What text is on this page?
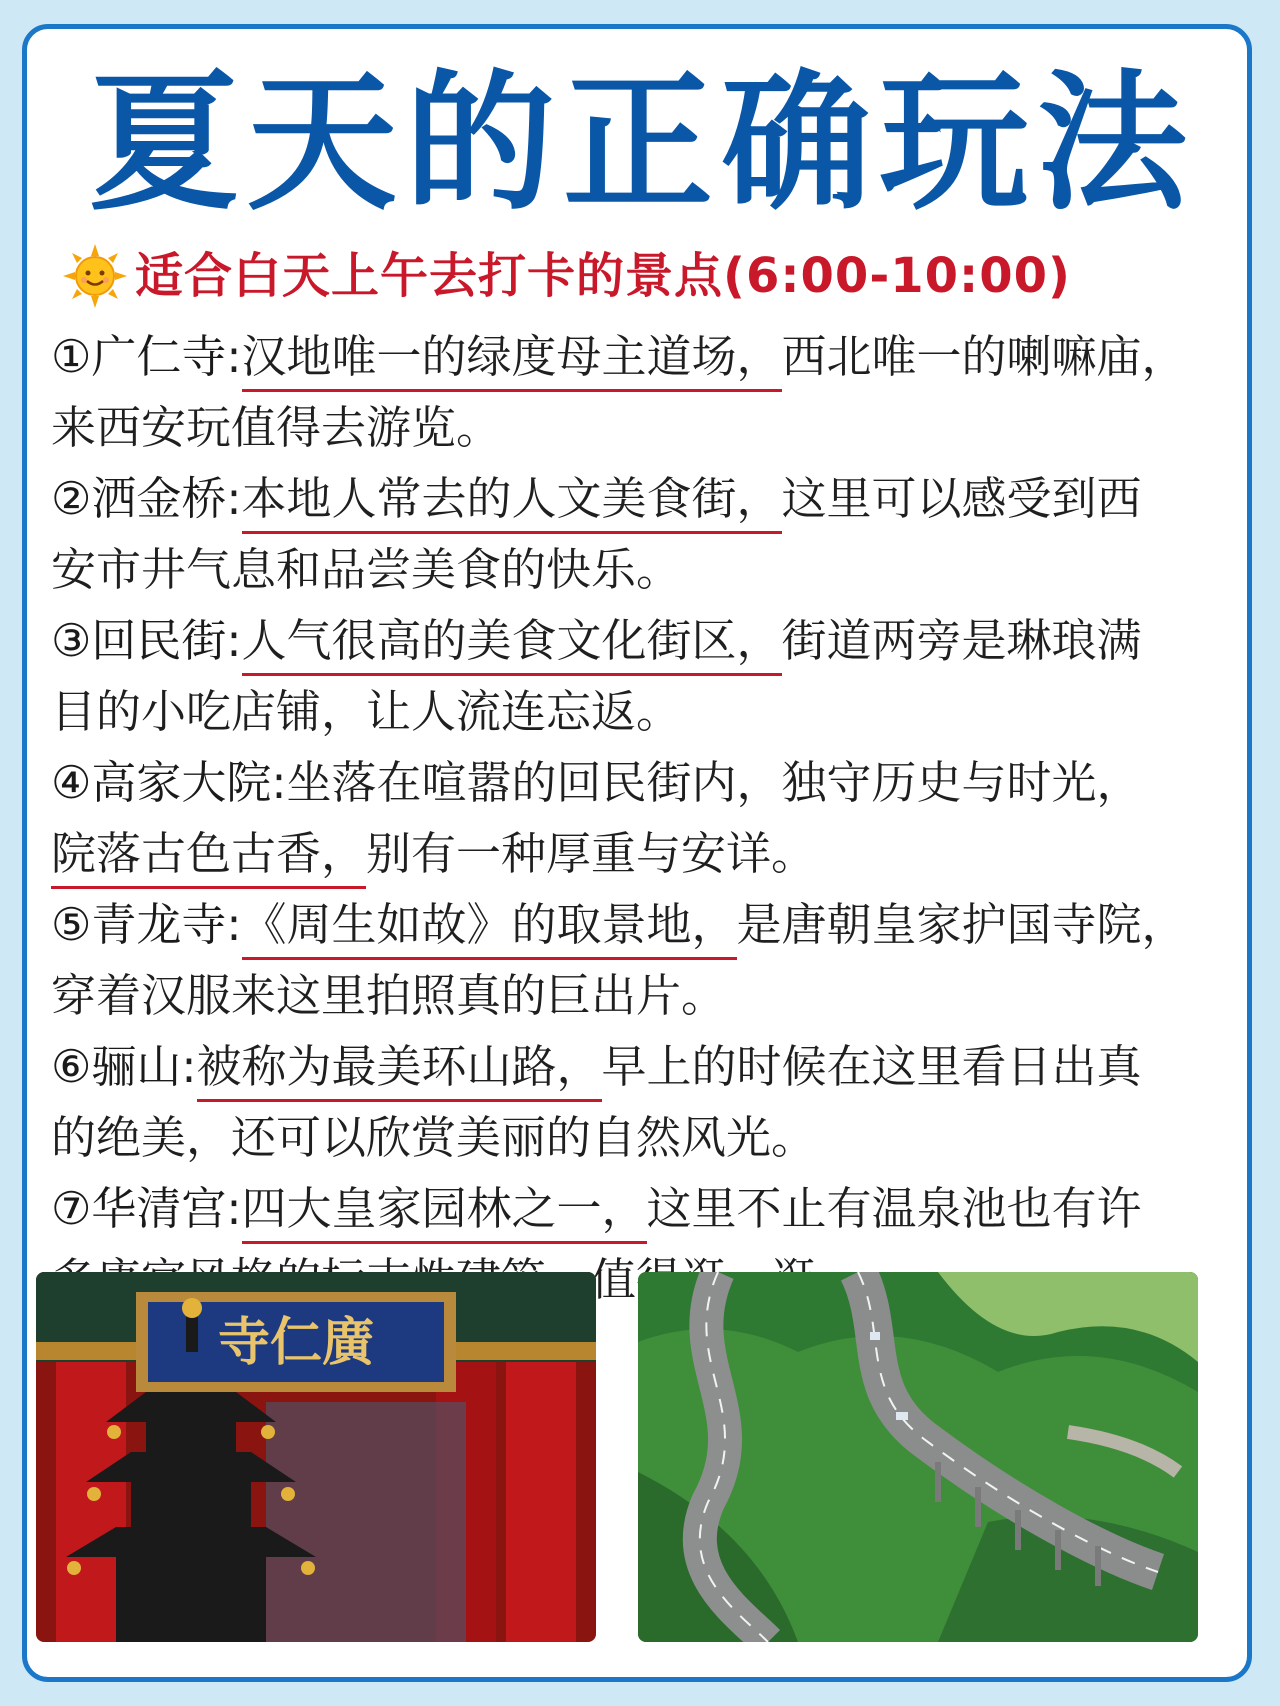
夏天的正确玩法
适合白天上午去打卡的景点(6:00-10:00)
①广仁寺:汉地唯一的绿度母主道场，西北唯一的喇嘛庙，
来西安玩值得去游览。
②洒金桥:本地人常去的人文美食街，这里可以感受到西
安市井气息和品尝美食的快乐。
③回民街:人气很高的美食文化街区，街道两旁是琳琅满
目的小吃店铺，让人流连忘返。
④高家大院:坐落在喧嚣的回民街内，独守历史与时光，
院落古色古香，别有一种厚重与安详。
⑤青龙寺:《周生如故》的取景地，是唐朝皇家护国寺院，
穿着汉服来这里拍照真的巨出片。
⑥骊山:被称为最美环山路，早上的时候在这里看日出真
的绝美，还可以欣赏美丽的自然风光。
⑦华清宫:四大皇家园林之一，这里不止有温泉池也有许
寺仁廣
